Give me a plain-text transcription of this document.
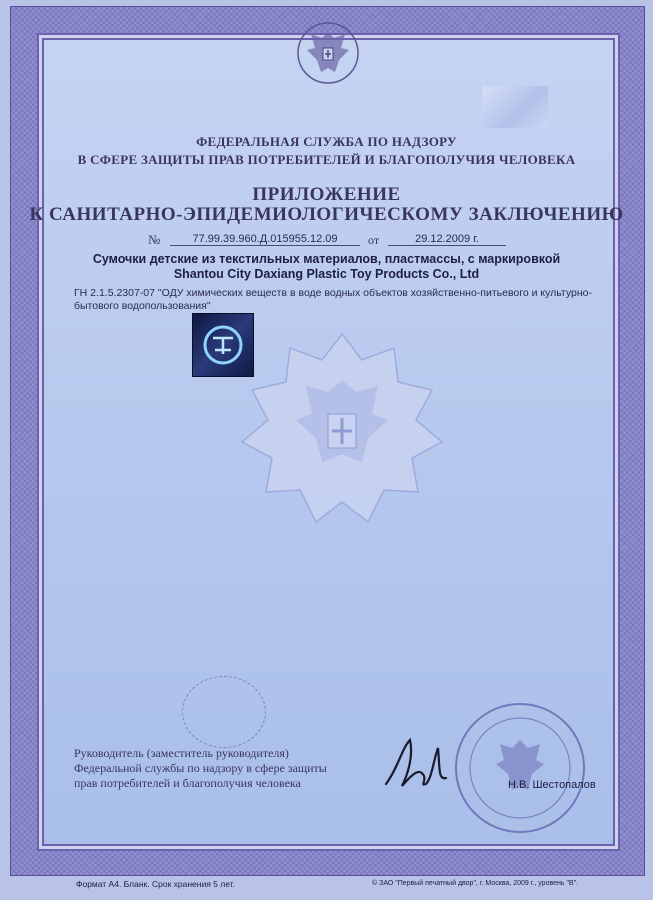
ФЕДЕРАЛЬНАЯ СЛУЖБА ПО НАДЗОРУ
В СФЕРЕ ЗАЩИТЫ ПРАВ ПОТРЕБИТЕЛЕЙ И БЛАГОПОЛУЧИЯ ЧЕЛОВЕКА
ПРИЛОЖЕНИЕ
К САНИТАРНО-ЭПИДЕМИОЛОГИЧЕСКОМУ ЗАКЛЮЧЕНИЮ
№	77.99.39.960.Д.015955.12.09	от	29.12.2009 г.
Сумочки детские из текстильных материалов, пластмассы, с маркировкой
Shantou City Daxiang Plastic Toy Products Co., Ltd
ГН 2.1.5.2307-07 "ОДУ химических веществ в воде водных объектов хозяйственно-питьевого и культурно-
бытового водопользования"
Руководитель (заместитель руководителя)
Федеральной службы по надзору в сфере защиты
прав потребителей и благополучия человека	Н.В. Шестопалов
Формат А4. Бланк. Срок хранения 5 лет.	© ЗАО "Первый печатный двор", г. Москва, 2009 г., уровень "В".
